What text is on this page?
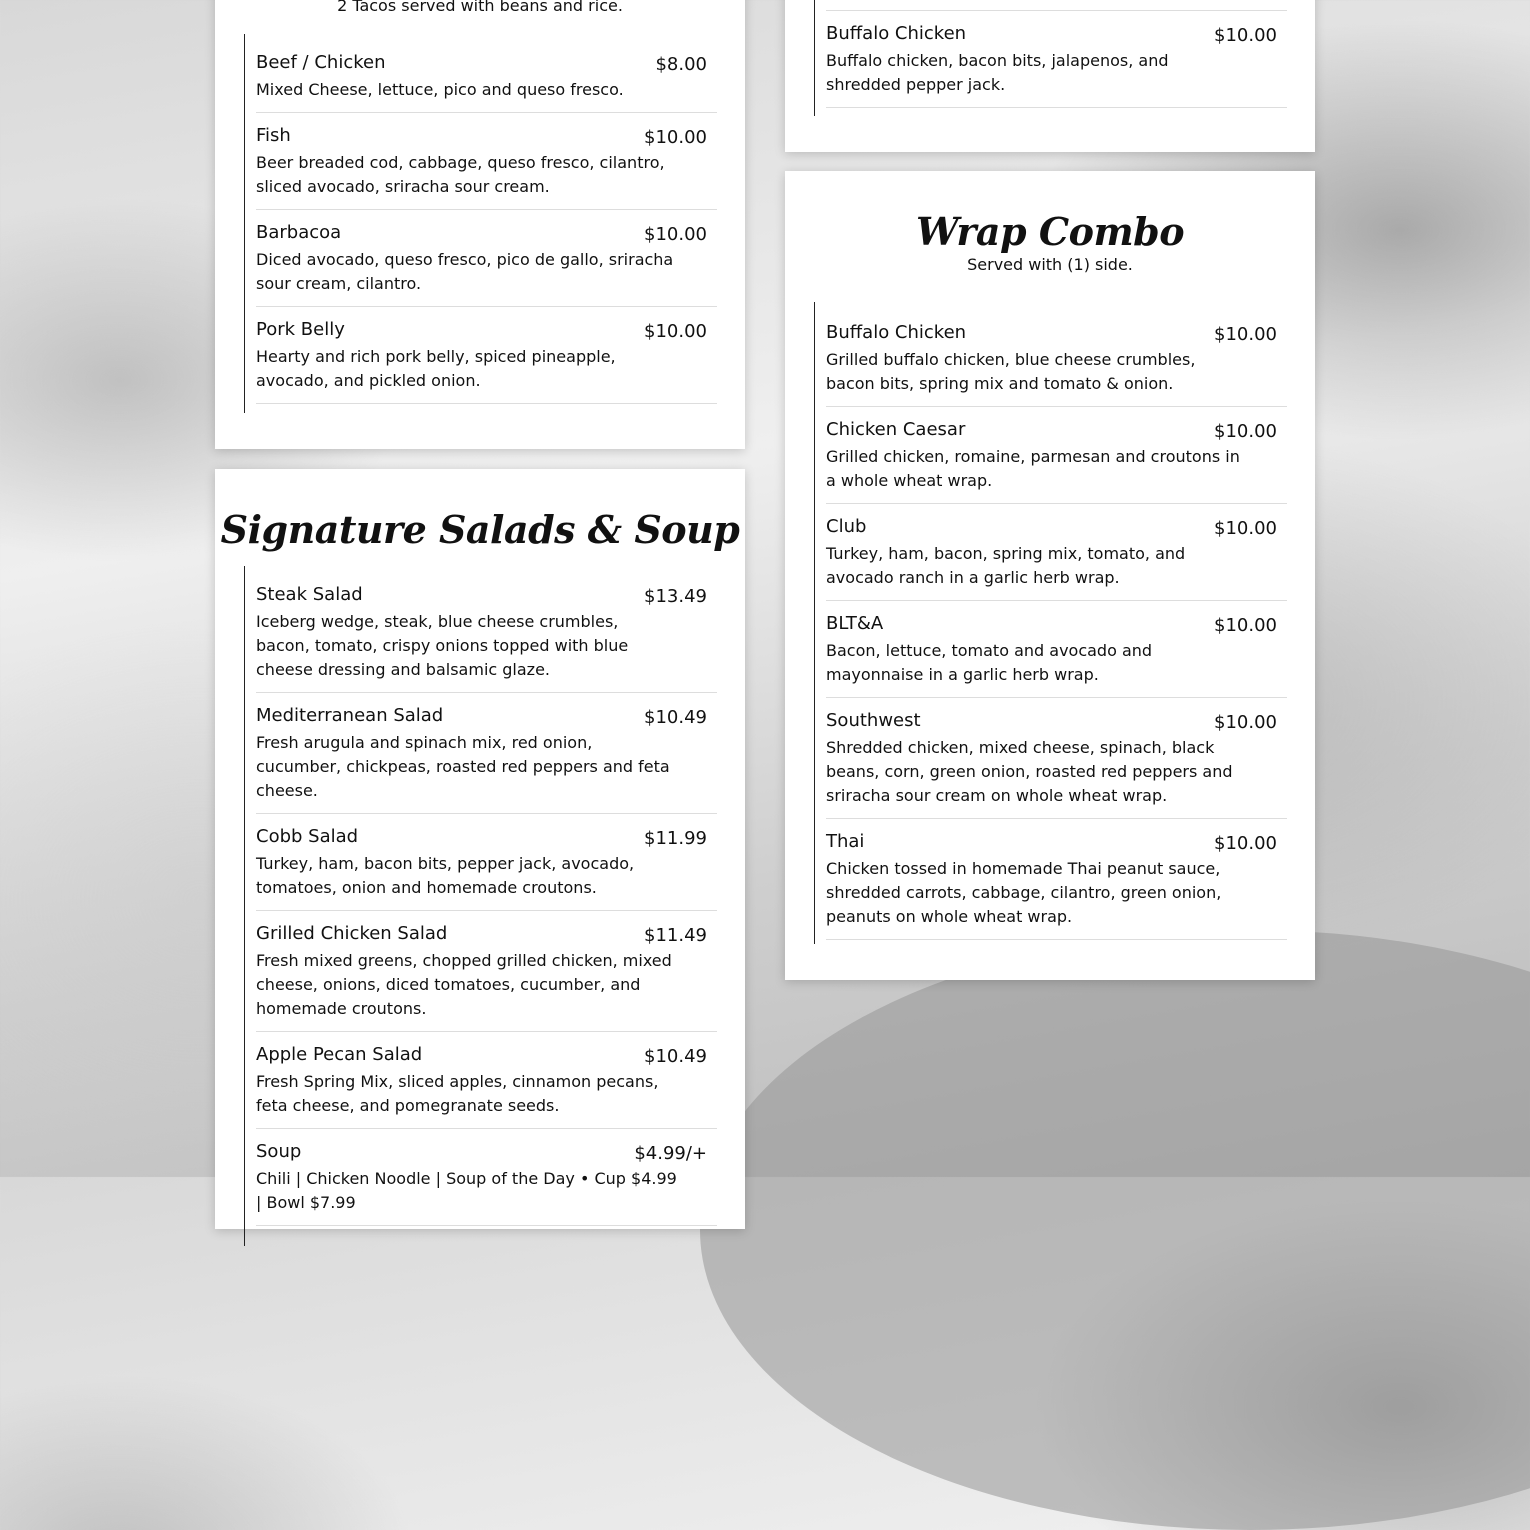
2 Tacos served with beans and rice.
Beef / Chicken	$8.00
Mixed Cheese, lettuce, pico and queso fresco.
Fish	$10.00
Beer breaded cod, cabbage, queso fresco, cilantro, sliced avocado, sriracha sour cream.
Barbacoa	$10.00
Diced avocado, queso fresco, pico de gallo, sriracha sour cream, cilantro.
Pork Belly	$10.00
Hearty and rich pork belly, spiced pineapple, avocado, and pickled onion.
Buffalo Chicken	$10.00
Buffalo chicken, bacon bits, jalapenos, and shredded pepper jack.
Wrap Combo
Served with (1) side.
Buffalo Chicken	$10.00
Grilled buffalo chicken, blue cheese crumbles, bacon bits, spring mix and tomato & onion.
Chicken Caesar	$10.00
Grilled chicken, romaine, parmesan and croutons in a whole wheat wrap.
Club	$10.00
Turkey, ham, bacon, spring mix, tomato, and avocado ranch in a garlic herb wrap.
BLT&A	$10.00
Bacon, lettuce, tomato and avocado and mayonnaise in a garlic herb wrap.
Southwest	$10.00
Shredded chicken, mixed cheese, spinach, black beans, corn, green onion, roasted red peppers and sriracha sour cream on whole wheat wrap.
Thai	$10.00
Chicken tossed in homemade Thai peanut sauce, shredded carrots, cabbage, cilantro, green onion, peanuts on whole wheat wrap.
Signature Salads & Soup
Steak Salad	$13.49
Iceberg wedge, steak, blue cheese crumbles, bacon, tomato, crispy onions topped with blue cheese dressing and balsamic glaze.
Mediterranean Salad	$10.49
Fresh arugula and spinach mix, red onion, cucumber, chickpeas, roasted red peppers and feta cheese.
Cobb Salad	$11.99
Turkey, ham, bacon bits, pepper jack, avocado, tomatoes, onion and homemade croutons.
Grilled Chicken Salad	$11.49
Fresh mixed greens, chopped grilled chicken, mixed cheese, onions, diced tomatoes, cucumber, and homemade croutons.
Apple Pecan Salad	$10.49
Fresh Spring Mix, sliced apples, cinnamon pecans, feta cheese, and pomegranate seeds.
Soup	$4.99/+
Chili | Chicken Noodle | Soup of the Day • Cup $4.99 | Bowl $7.99
